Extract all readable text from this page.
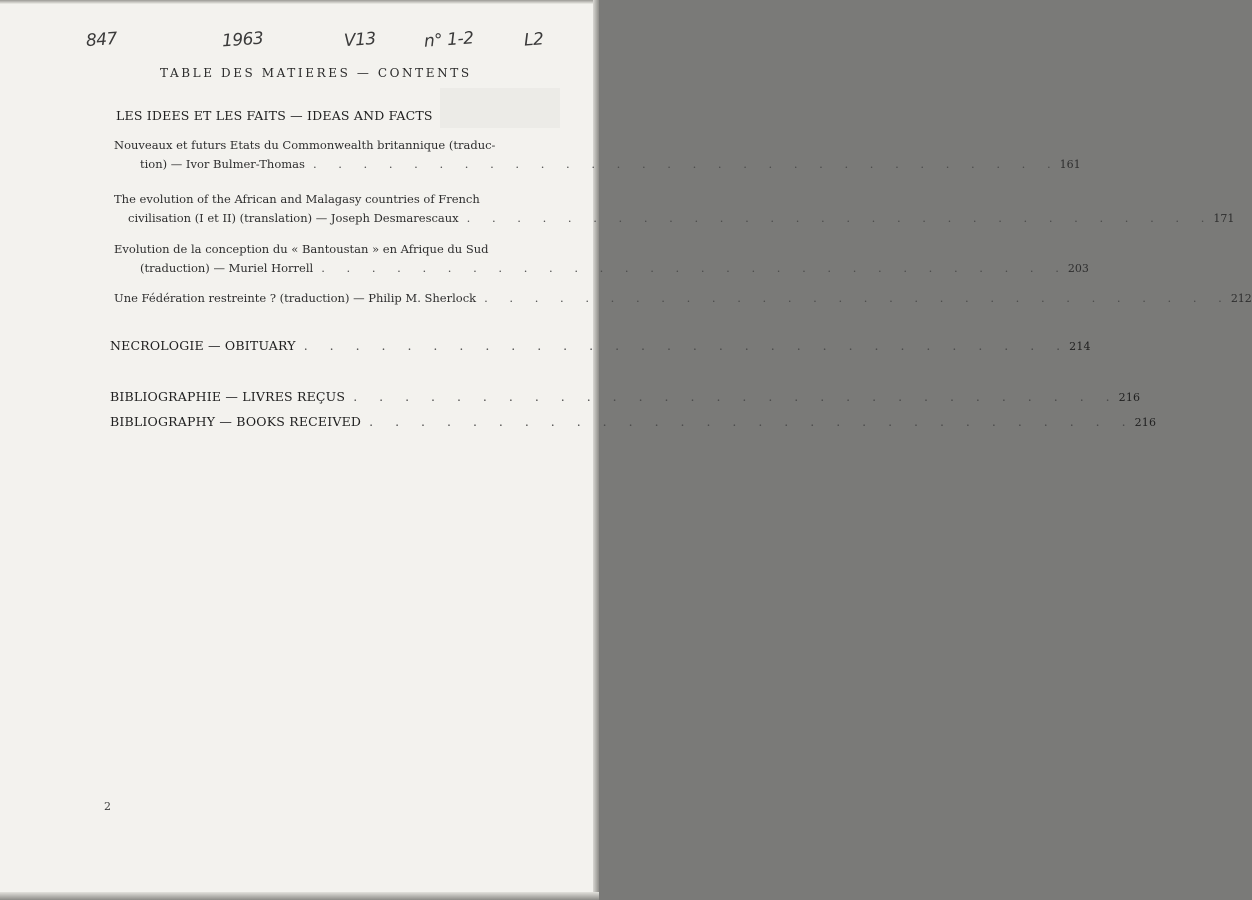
847	1963	V13	n° 1-2	L2
TABLE DES MATIERES — CONTENTS
LES IDEES ET LES FAITS — IDEAS AND FACTS
Nouveaux et futurs Etats du Commonwealth britannique (traduc-
tion) — Ivor Bulmer-Thomas . . . . . . . . . . . . . . . . . . . . . . . . . . . . . . 161
The evolution of the African and Malagasy countries of French
civilisation (I et II) (translation) — Joseph Desmarescaux . . . . . . . . . . . . . . . . . . . . . . . . . . . . . . 171
Evolution de la conception du « Bantoustan » en Afrique du Sud
(traduction) — Muriel Horrell . . . . . . . . . . . . . . . . . . . . . . . . . . . . . . 203
Une Fédération restreinte ? (traduction) — Philip M. Sherlock . . . . . . . . . . . . . . . . . . . . . . . . . . . . . . 212
NECROLOGIE — OBITUARY . . . . . . . . . . . . . . . . . . . . . . . . . . . . . . 214
BIBLIOGRAPHIE — LIVRES REÇUS . . . . . . . . . . . . . . . . . . . . . . . . . . . . . . 216
BIBLIOGRAPHY — BOOKS RECEIVED . . . . . . . . . . . . . . . . . . . . . . . . . . . . . . 216
2
